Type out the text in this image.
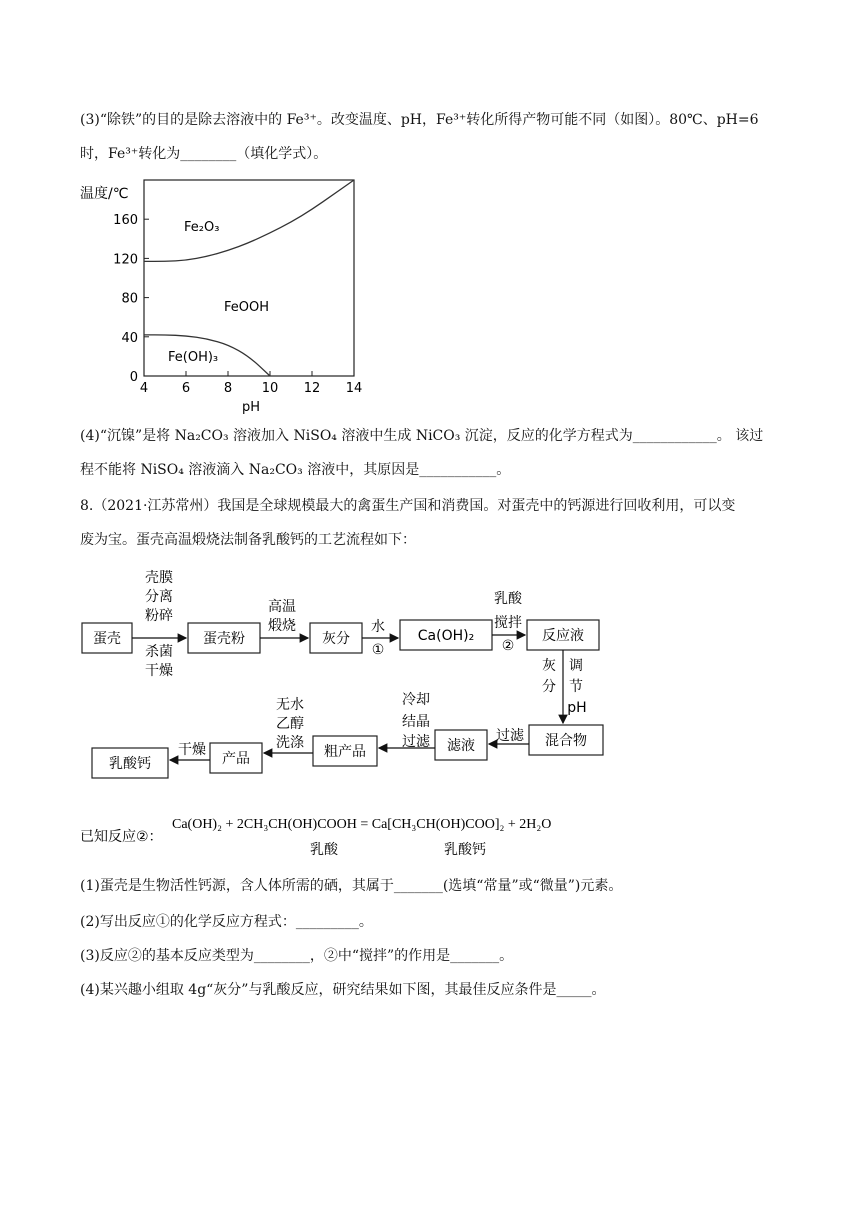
(3)“除铁”的目的是除去溶液中的 Fe³⁺。改变温度、pH，Fe³⁺转化所得产物可能不同（如图）。80℃、pH=6
时，Fe³⁺转化为________（填化学式）。
温度/℃
0
40
80
120
160
4	6	8 10 12 14
Fe₂O₃
FeOOH
Fe(OH)₃
pH
(4)“沉镍”是将 Na₂CO₃ 溶液加入 NiSO₄ 溶液中生成 NiCO₃ 沉淀，反应的化学方程式为____________。 该过
程不能将 NiSO₄ 溶液滴入 Na₂CO₃ 溶液中，其原因是___________。
8.（2021·江苏常州）我国是全球规模最大的禽蛋生产国和消费国。对蛋壳中的钙源进行回收利用，可以变
废为宝。蛋壳高温煅烧法制备乳酸钙的工艺流程如下：
蛋壳	蛋壳粉	灰分	Ca(OH)₂	反应液
混合物
滤液
粗产品
产品
乳酸钙
壳膜
分离
粉碎
杀菌
干燥
高温
煅烧	水
①
乳酸
搅拌
②
灰
分
调
节
pH
过滤
冷却
结晶
过滤
无水
乙醇
洗涤
干燥
已知反应②：
Ca(OH)₂ + 2CH₃CH(OH)COOH = Ca[CH₃CH(OH)COO]₂ + 2H₂O
乳酸	乳酸钙
(1)蛋壳是生物活性钙源，含人体所需的硒，其属于_______(选填“常量”或“微量”)元素。
(2)写出反应①的化学反应方程式：_________。
(3)反应②的基本反应类型为________，②中“搅拌”的作用是_______。
(4)某兴趣小组取 4g“灰分”与乳酸反应，研究结果如下图，其最佳反应条件是_____。
